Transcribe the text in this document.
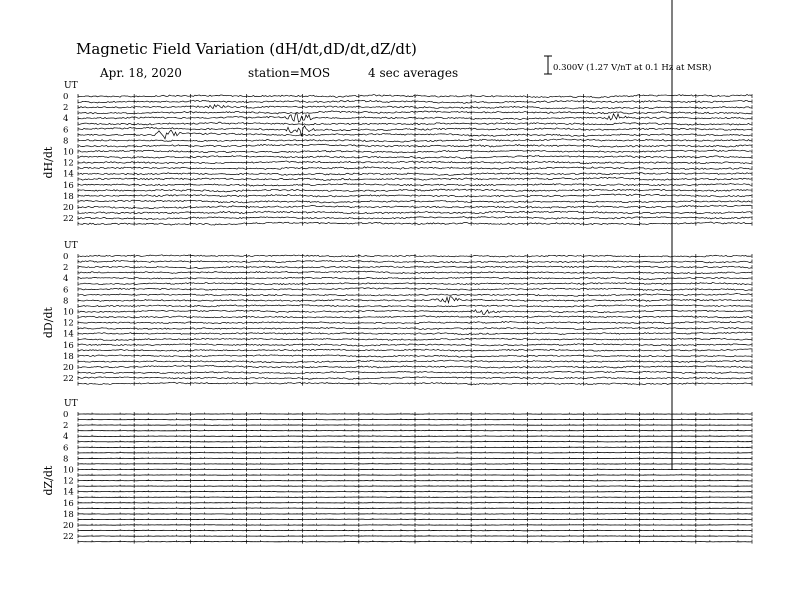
Magnetic Field Variation (dH/dt,dD/dt,dZ/dt)
Apr. 18, 2020	station=MOS	4 sec averages	0.300V (1.27 V/nT at 0.1 Hz at MSR)
UT
dH/dt
0
2
4
6
8
10
12
14
16
18
20
22
UT
dD/dt
0
2
4
6
8
10
12
14
16
18
20
22
UT
dZ/dt
0
2
4
6
8
10
12
14
16
18
20
22
